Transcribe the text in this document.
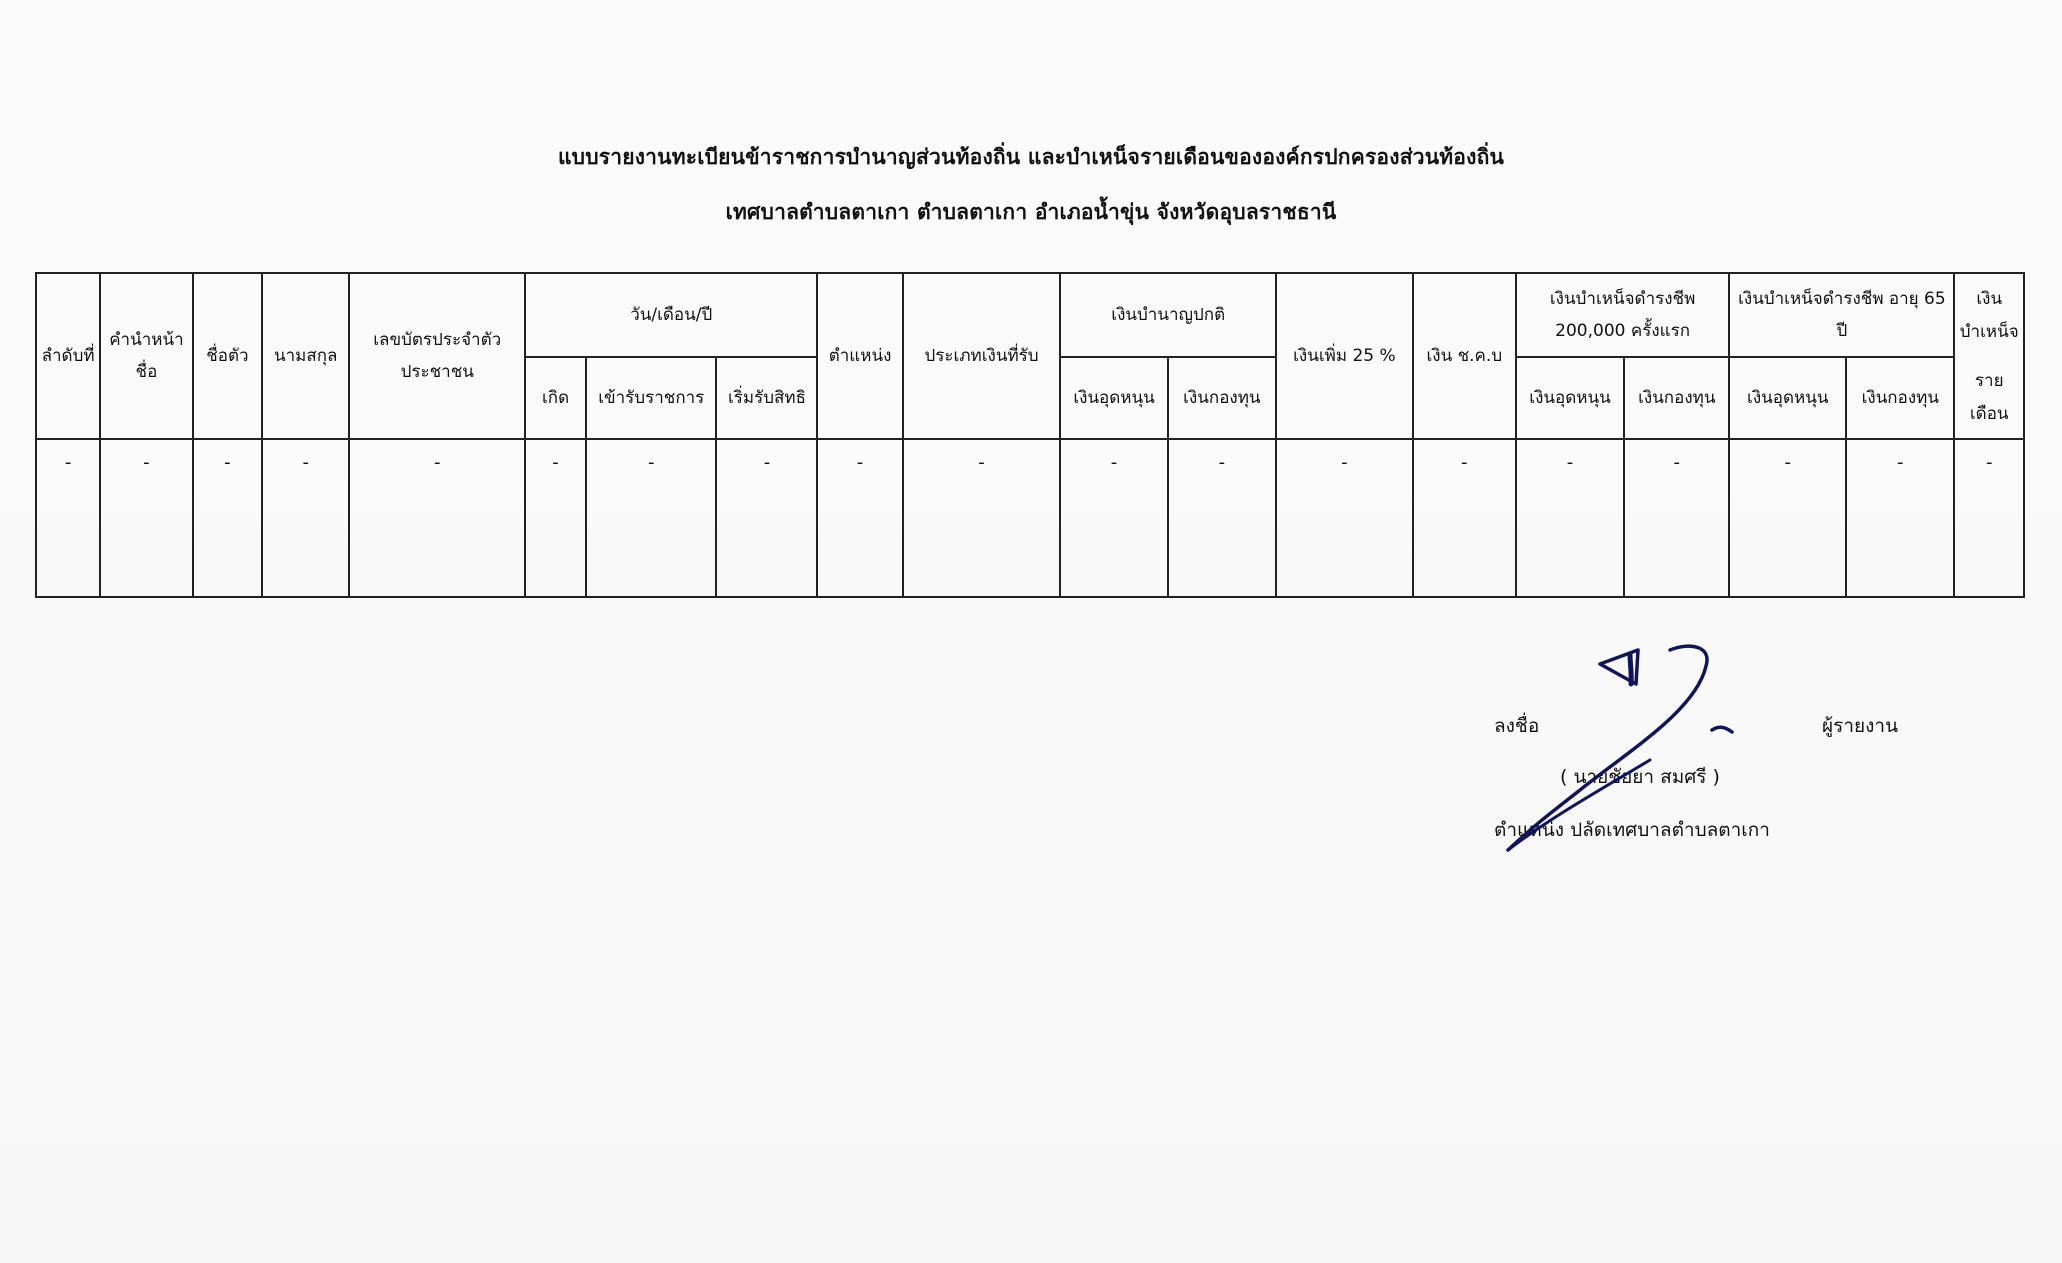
แบบรายงานทะเบียนข้าราชการบำนาญส่วนท้องถิ่น และบำเหน็จรายเดือนขององค์กรปกครองส่วนท้องถิ่น
เทศบาลตำบลตาเกา ตำบลตาเกา อำเภอน้ำขุ่น จังหวัดอุบลราชธานี
ลำดับที่	คำนำหน้าชื่อ	ชื่อตัว	นามสกุล	เลขบัตรประจำตัวประชาชน	วัน/เดือน/ปี			ตำแหน่ง	ประเภทเงินที่รับ	เงินบำนาญปกติ		เงินเพิ่ม 25 %	เงิน ช.ค.บ	เงินบำเหน็จดำรงชีพ 200,000 ครั้งแรก		เงินบำเหน็จดำรงชีพ อายุ 65 ปี		เงินบำเหน็จ
					เกิด	เข้ารับราชการ	เริ่มรับสิทธิ			เงินอุดหนุน	เงินกองทุน			เงินอุดหนุน	เงินกองทุน	เงินอุดหนุน	เงินกองทุน	รายเดือน
-	-	-	-	-	-	-	-	-	-	-	-	-	-	-	-	-	-	-
ลงชื่อ	ผู้รายงาน
( นายชัยยา สมศรี )
ตำแหน่ง ปลัดเทศบาลตำบลตาเกา
